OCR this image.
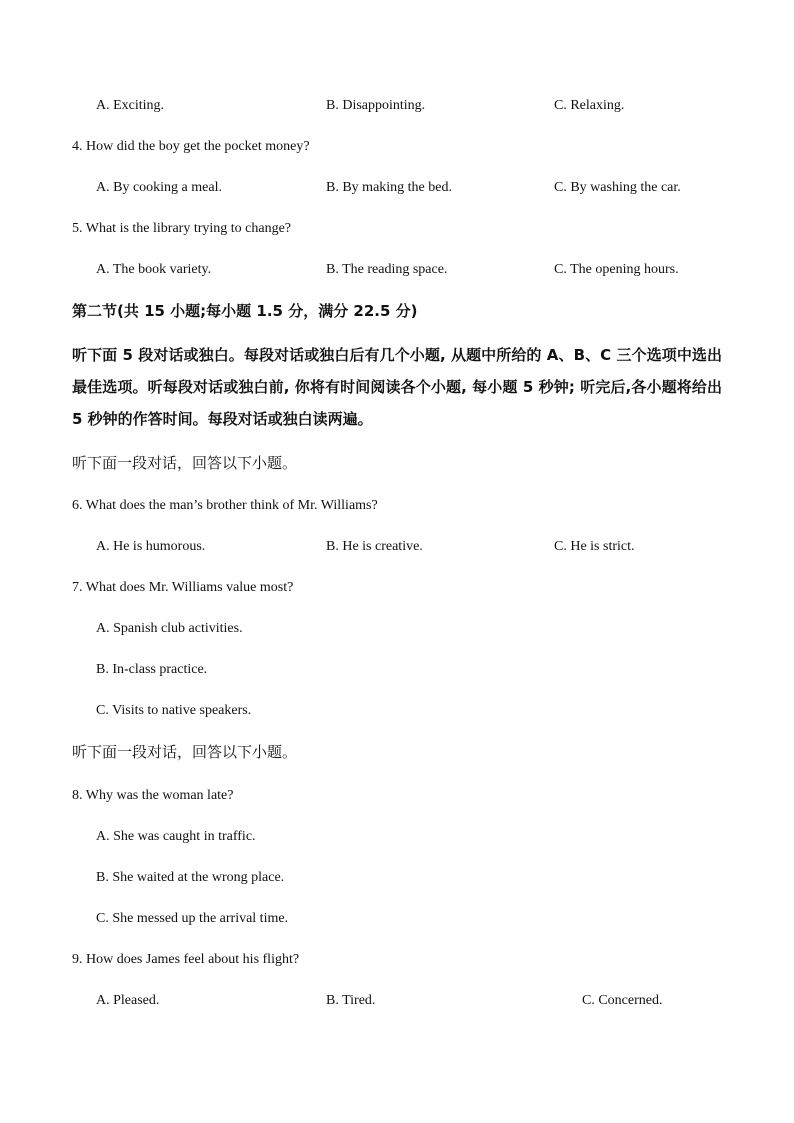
A. Exciting.	B. Disappointing.	C. Relaxing.
4. How did the boy get the pocket money?
A. By cooking a meal.	B. By making the bed.	C. By washing the car.
5. What is the library trying to change?
A. The book variety.	B. The reading space.	C. The opening hours.
第二节(共 15 小题;每小题 1.5 分，满分 22.5 分)
听下面 5 段对话或独白。每段对话或独白后有几个小题, 从题中所给的 A、B、C 三个选项中选出最佳选项。听每段对话或独白前, 你将有时间阅读各个小题, 每小题 5 秒钟; 听完后,各小题将给出 5 秒钟的作答时间。每段对话或独白读两遍。
听下面一段对话，回答以下小题。
6. What does the man’s brother think of Mr. Williams?
A. He is humorous.	B. He is creative.	C. He is strict.
7. What does Mr. Williams value most?
A. Spanish club activities.
B. In-class practice.
C. Visits to native speakers.
听下面一段对话，回答以下小题。
8. Why was the woman late?
A. She was caught in traffic.
B. She waited at the wrong place.
C. She messed up the arrival time.
9. How does James feel about his flight?
A. Pleased.	B. Tired.	C. Concerned.
